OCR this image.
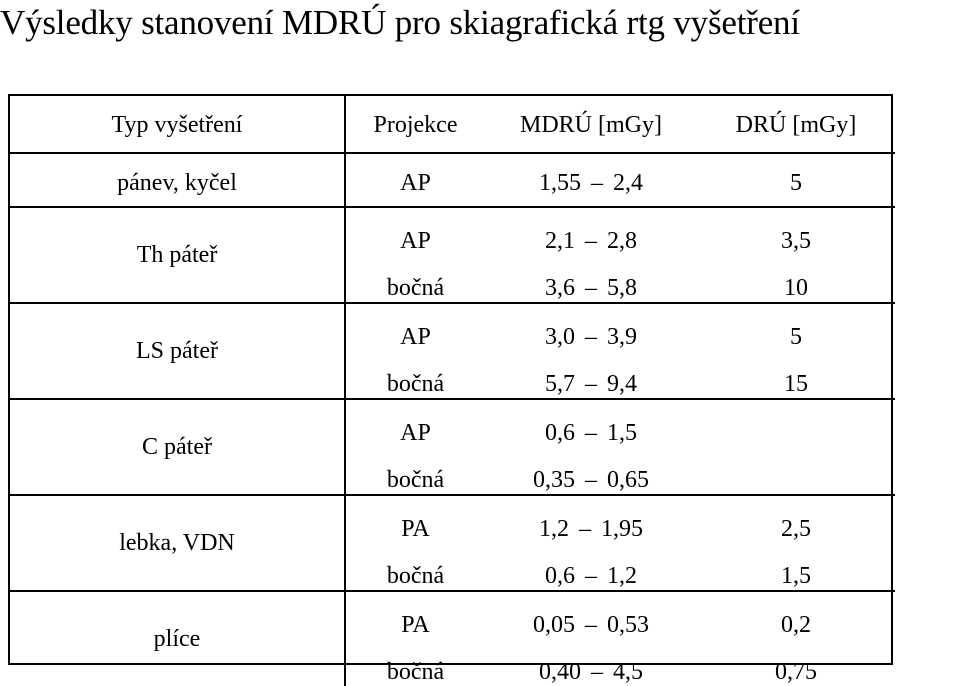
Výsledky stanovení MDRÚ pro skiagrafická rtg vyšetření
Typ vyšetření	Projekce	MDRÚ [mGy]	DRÚ [mGy]
pánev, kyčel	AP	1,55 – 2,4	5
Th páteř	AP	2,1 – 2,8	3,5
	bočná	3,6 – 5,8	10
LS páteř	AP	3,0 – 3,9	5
	bočná	5,7 – 9,4	15
C páteř	AP	0,6 – 1,5	
	bočná	0,35 – 0,65	
lebka, VDN	PA	1,2 – 1,95	2,5
	bočná	0,6 – 1,2	1,5
plíce	PA	0,05 – 0,53	0,2
	bočná	0,40 – 4,5	0,75
